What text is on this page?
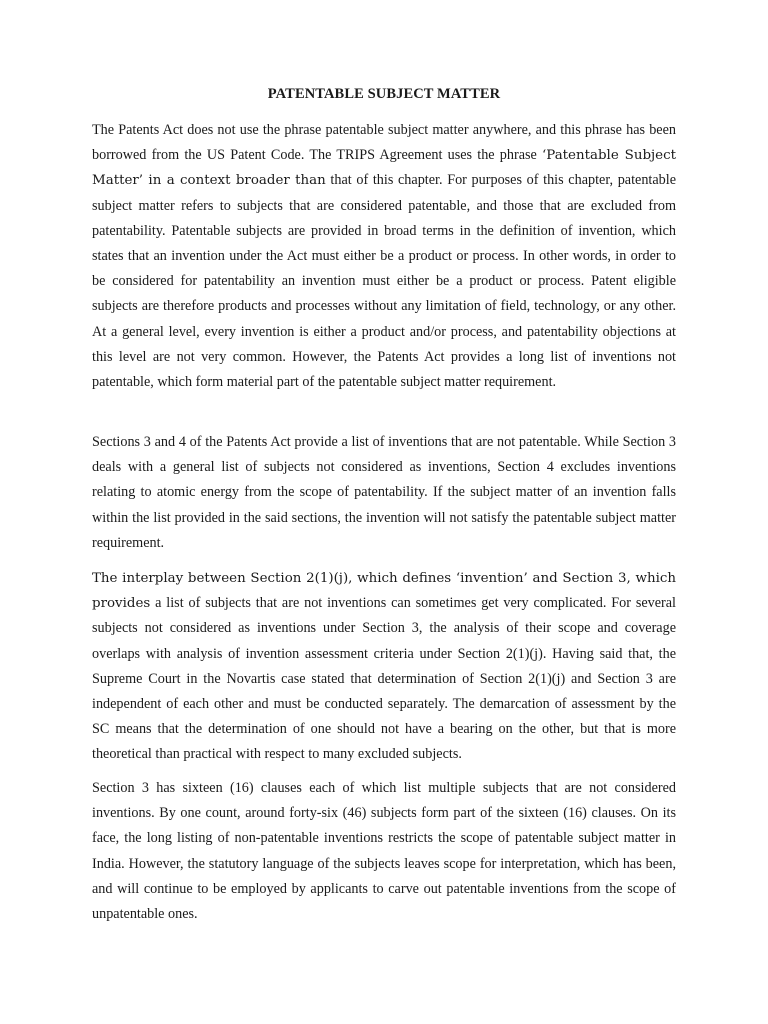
PATENTABLE SUBJECT MATTER

The Patents Act does not use the phrase patentable subject matter anywhere, and this phrase has been borrowed from the US Patent Code. The TRIPS Agreement uses the phrase ‘Patentable Subject Matter’ in a context broader than that of this chapter. For purposes of this chapter, patentable subject matter refers to subjects that are considered patentable, and those that are excluded from patentability. Patentable subjects are provided in broad terms in the definition of invention, which states that an invention under the Act must either be a product or process. In other words, in order to be considered for patentability an invention must either be a product or process. Patent eligible subjects are therefore products and processes without any limitation of field, technology, or any other. At a general level, every invention is either a product and/or process, and patentability objections at this level are not very common. However, the Patents Act provides a long list of inventions not patentable, which form material part of the patentable subject matter requirement.

Sections 3 and 4 of the Patents Act provide a list of inventions that are not patentable. While Section 3 deals with a general list of subjects not considered as inventions, Section 4 excludes inventions relating to atomic energy from the scope of patentability. If the subject matter of an invention falls within the list provided in the said sections, the invention will not satisfy the patentable subject matter requirement.

The interplay between Section 2(1)(j), which defines ‘invention’ and Section 3, which provides a list of subjects that are not inventions can sometimes get very complicated. For several subjects not considered as inventions under Section 3, the analysis of their scope and coverage overlaps with analysis of invention assessment criteria under Section 2(1)(j). Having said that, the Supreme Court in the Novartis case stated that determination of Section 2(1)(j) and Section 3 are independent of each other and must be conducted separately. The demarcation of assessment by the SC means that the determination of one should not have a bearing on the other, but that is more theoretical than practical with respect to many excluded subjects.

Section 3 has sixteen (16) clauses each of which list multiple subjects that are not considered inventions. By one count, around forty-six (46) subjects form part of the sixteen (16) clauses. On its face, the long listing of non-patentable inventions restricts the scope of patentable subject matter in India. However, the statutory language of the subjects leaves scope for interpretation, which has been, and will continue to be employed by applicants to carve out patentable inventions from the scope of unpatentable ones.
